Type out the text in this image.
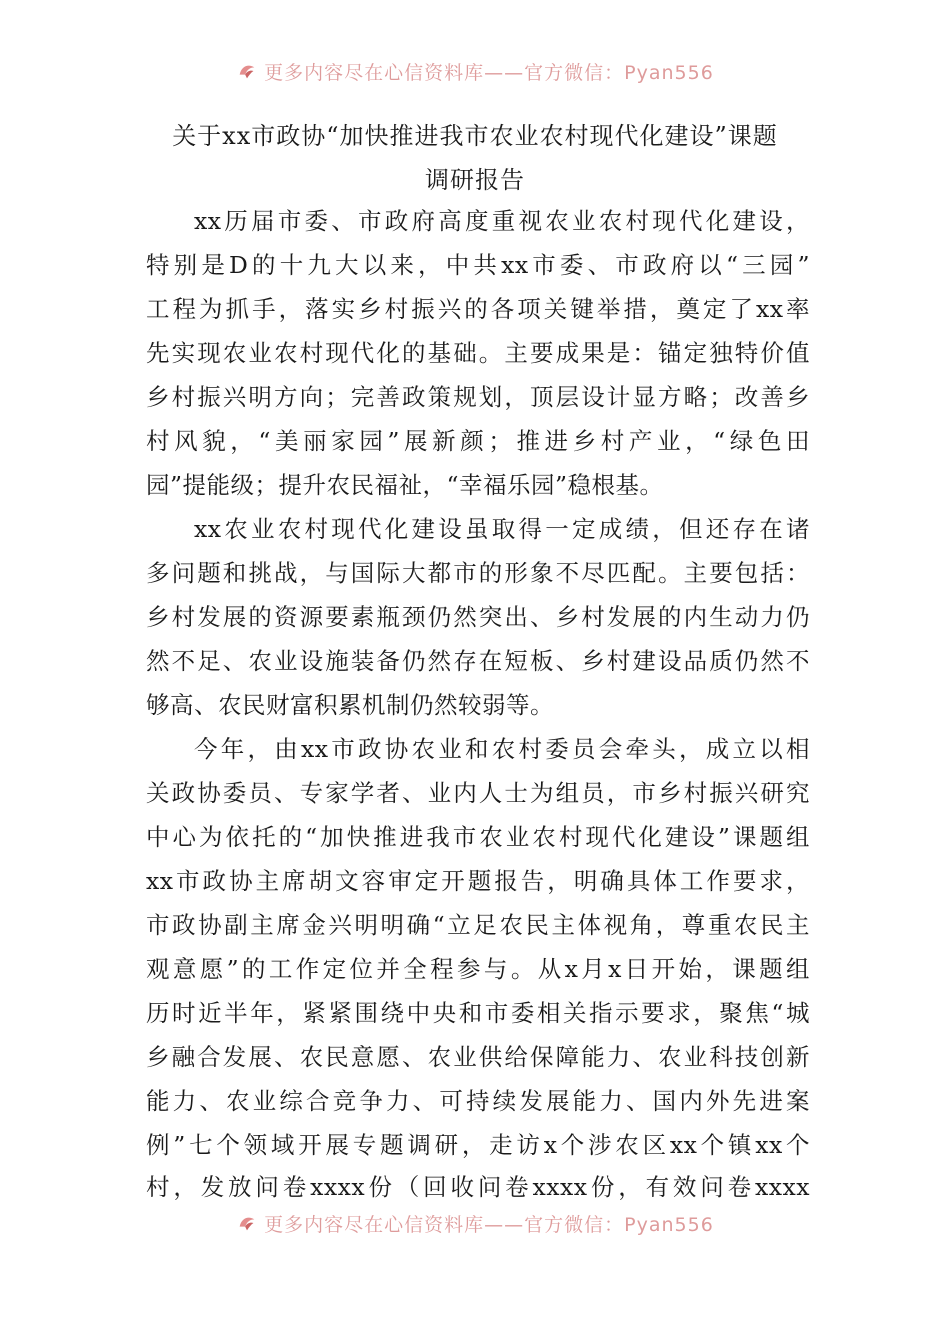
更多内容尽在心信资料库——官方微信：Pyan556
关于xx市政协“加快推进我市农业农村现代化建设”课题
调研报告
xx历届市委、市政府高度重视农业农村现代化建设，
特别是D的十九大以来，中共xx市委、市政府以“三园”
工程为抓手，落实乡村振兴的各项关键举措，奠定了xx率
先实现农业农村现代化的基础。主要成果是：锚定独特价值
乡村振兴明方向；完善政策规划，顶层设计显方略；改善乡
村风貌，“美丽家园”展新颜；推进乡村产业，“绿色田
园”提能级；提升农民福祉，“幸福乐园”稳根基。
xx农业农村现代化建设虽取得一定成绩，但还存在诸
多问题和挑战，与国际大都市的形象不尽匹配。主要包括：
乡村发展的资源要素瓶颈仍然突出、乡村发展的内生动力仍
然不足、农业设施装备仍然存在短板、乡村建设品质仍然不
够高、农民财富积累机制仍然较弱等。
今年，由xx市政协农业和农村委员会牵头，成立以相
关政协委员、专家学者、业内人士为组员，市乡村振兴研究
中心为依托的“加快推进我市农业农村现代化建设”课题组
xx市政协主席胡文容审定开题报告，明确具体工作要求，
市政协副主席金兴明明确“立足农民主体视角，尊重农民主
观意愿”的工作定位并全程参与。从x月x日开始，课题组
历时近半年，紧紧围绕中央和市委相关指示要求，聚焦“城
乡融合发展、农民意愿、农业供给保障能力、农业科技创新
能力、农业综合竞争力、可持续发展能力、国内外先进案
例”七个领域开展专题调研，走访x个涉农区xx个镇xx个
村，发放问卷xxxx份（回收问卷xxxx份，有效问卷xxxx
更多内容尽在心信资料库——官方微信：Pyan556
